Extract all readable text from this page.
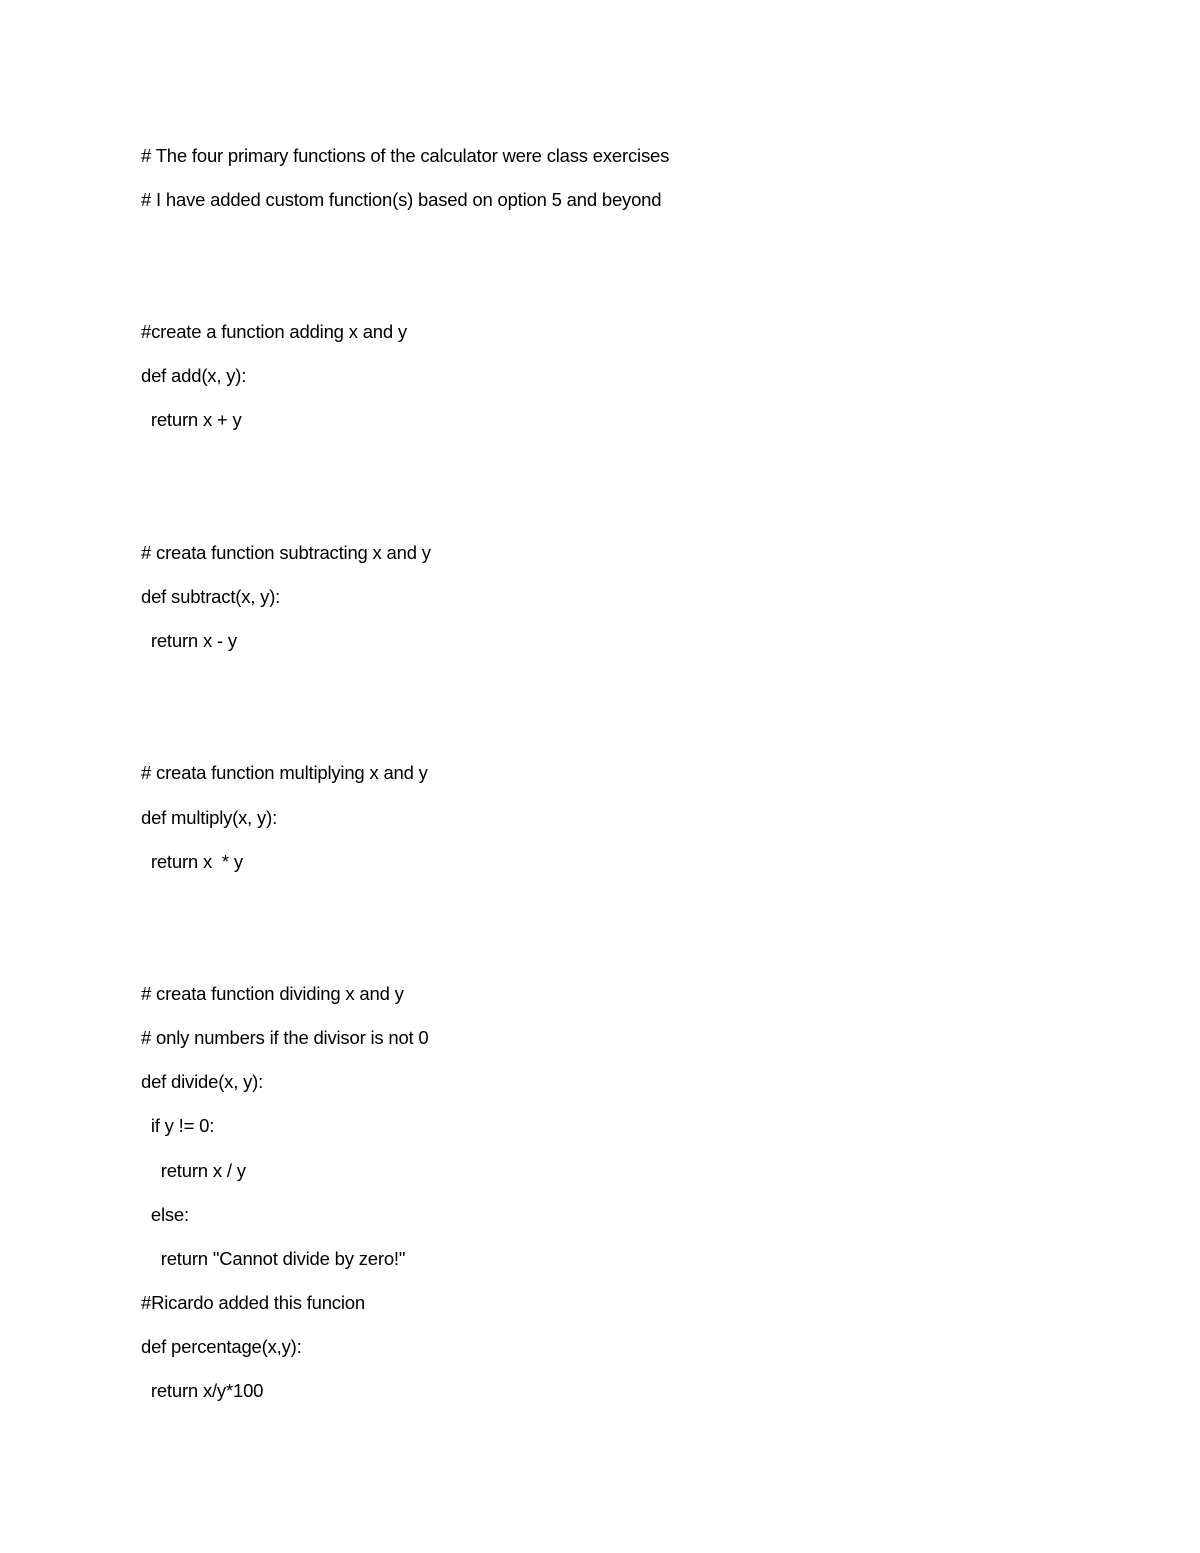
# The four primary functions of the calculator were class exercises
# I have added custom function(s) based on option 5 and beyond
#create a function adding x and y
def add(x, y):
return x + y
# creata function subtracting x and y
def subtract(x, y):
return x - y
# creata function multiplying x and y
def multiply(x, y):
return x  * y
# creata function dividing x and y
# only numbers if the divisor is not 0
def divide(x, y):
if y != 0:
return x / y
else:
return "Cannot divide by zero!"
#Ricardo added this funcion
def percentage(x,y):
return x/y*100
